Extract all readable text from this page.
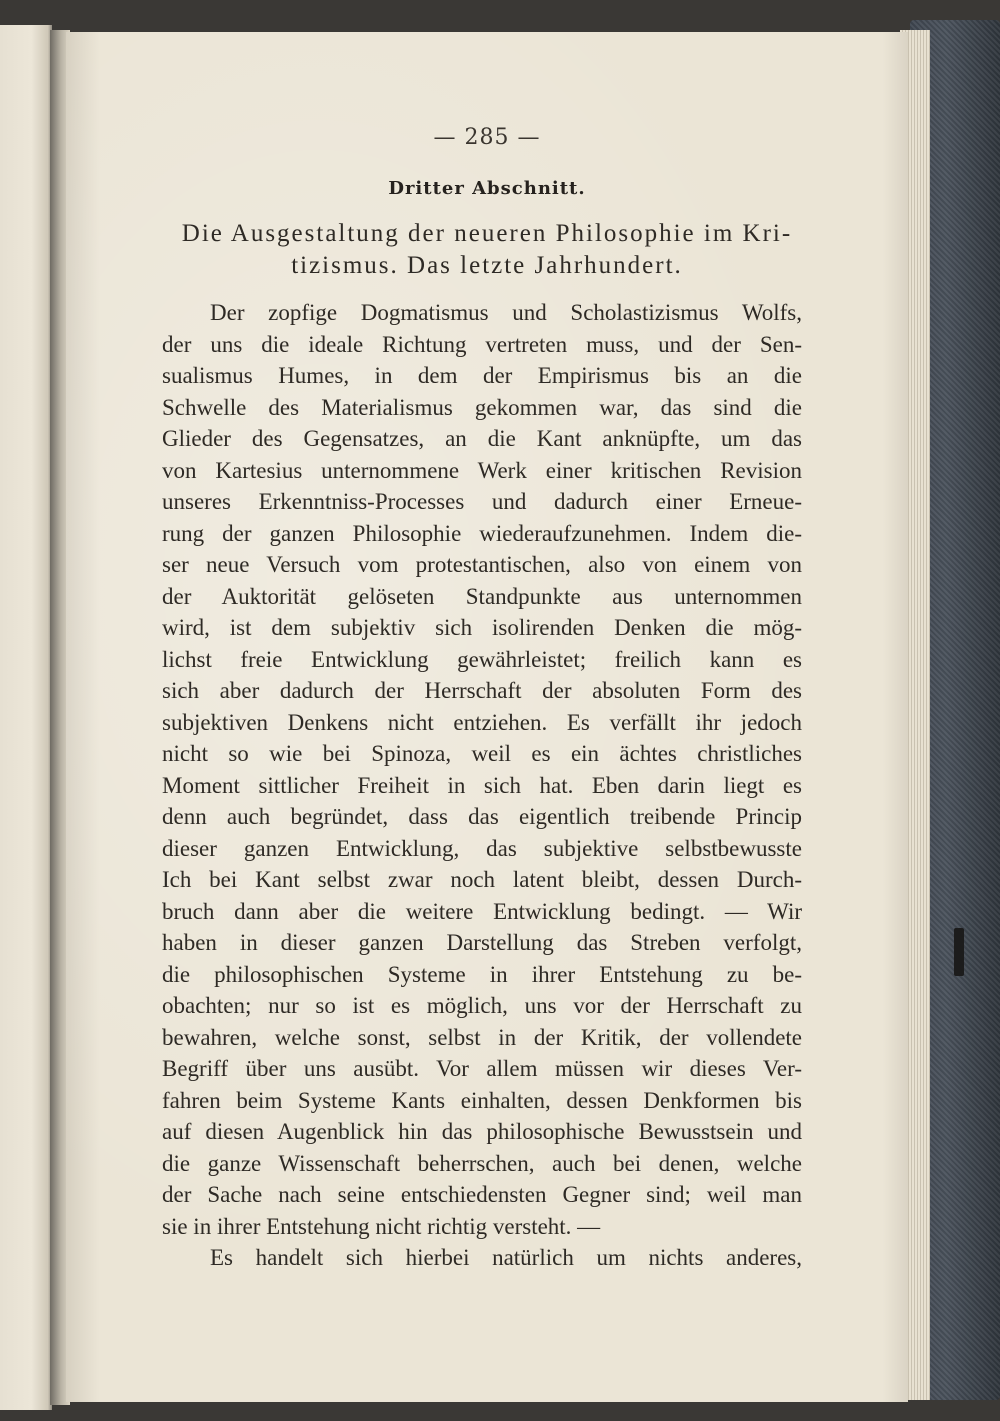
— 285 —
Dritter Abschnitt.
Die Ausgestaltung der neueren Philosophie im Kri-
tizismus. Das letzte Jahrhundert.
Der zopfige Dogmatismus und Scholastizismus Wolfs,
der uns die ideale Richtung vertreten muss, und der Sen-
sualismus Humes, in dem der Empirismus bis an die
Schwelle des Materialismus gekommen war, das sind die
Glieder des Gegensatzes, an die Kant anknüpfte, um das
von Kartesius unternommene Werk einer kritischen Revision
unseres Erkenntniss-Processes und dadurch einer Erneue-
rung der ganzen Philosophie wiederaufzunehmen. Indem die-
ser neue Versuch vom protestantischen, also von einem von
der Auktorität gelöseten Standpunkte aus unternommen
wird, ist dem subjektiv sich isolirenden Denken die mög-
lichst freie Entwicklung gewährleistet; freilich kann es
sich aber dadurch der Herrschaft der absoluten Form des
subjektiven Denkens nicht entziehen. Es verfällt ihr jedoch
nicht so wie bei Spinoza, weil es ein ächtes christliches
Moment sittlicher Freiheit in sich hat. Eben darin liegt es
denn auch begründet, dass das eigentlich treibende Princip
dieser ganzen Entwicklung, das subjektive selbstbewusste
Ich bei Kant selbst zwar noch latent bleibt, dessen Durch-
bruch dann aber die weitere Entwicklung bedingt. — Wir
haben in dieser ganzen Darstellung das Streben verfolgt,
die philosophischen Systeme in ihrer Entstehung zu be-
obachten; nur so ist es möglich, uns vor der Herrschaft zu
bewahren, welche sonst, selbst in der Kritik, der vollendete
Begriff über uns ausübt. Vor allem müssen wir dieses Ver-
fahren beim Systeme Kants einhalten, dessen Denkformen bis
auf diesen Augenblick hin das philosophische Bewusstsein und
die ganze Wissenschaft beherrschen, auch bei denen, welche
der Sache nach seine entschiedensten Gegner sind; weil man
sie in ihrer Entstehung nicht richtig versteht. —
Es handelt sich hierbei natürlich um nichts anderes,
